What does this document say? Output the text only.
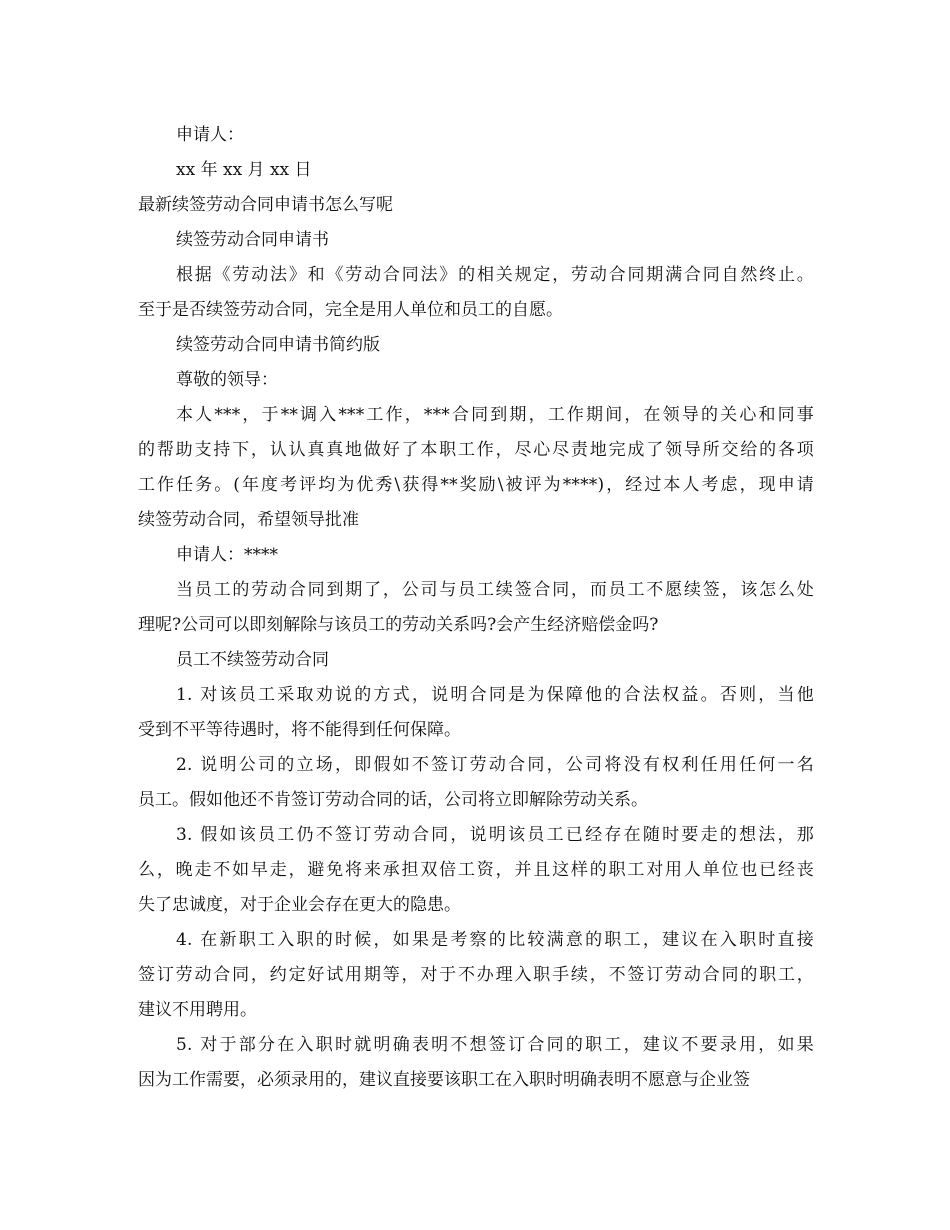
申请人：
xx 年 xx 月 xx 日
最新续签劳动合同申请书怎么写呢
续签劳动合同申请书
根据《劳动法》和《劳动合同法》的相关规定，劳动合同期满合同自然终止。
至于是否续签劳动合同，完全是用人单位和员工的自愿。
续签劳动合同申请书简约版
尊敬的领导：
本人***，于**调入***工作，***合同到期，工作期间，在领导的关心和同事
的帮助支持下，认认真真地做好了本职工作，尽心尽责地完成了领导所交给的各项
工作任务。(年度考评均为优秀\获得**奖励\被评为****)，经过本人考虑，现申请
续签劳动合同，希望领导批准
申请人：****
当员工的劳动合同到期了，公司与员工续签合同，而员工不愿续签，该怎么处
理呢?公司可以即刻解除与该员工的劳动关系吗?会产生经济赔偿金吗?
员工不续签劳动合同
1. 对该员工采取劝说的方式，说明合同是为保障他的合法权益。否则，当他
受到不平等待遇时，将不能得到任何保障。
2. 说明公司的立场，即假如不签订劳动合同，公司将没有权利任用任何一名
员工。假如他还不肯签订劳动合同的话，公司将立即解除劳动关系。
3. 假如该员工仍不签订劳动合同，说明该员工已经存在随时要走的想法，那
么，晚走不如早走，避免将来承担双倍工资，并且这样的职工对用人单位也已经丧
失了忠诚度，对于企业会存在更大的隐患。
4. 在新职工入职的时候，如果是考察的比较满意的职工，建议在入职时直接
签订劳动合同，约定好试用期等，对于不办理入职手续，不签订劳动合同的职工，
建议不用聘用。
5. 对于部分在入职时就明确表明不想签订合同的职工，建议不要录用，如果
因为工作需要，必须录用的，建议直接要该职工在入职时明确表明不愿意与企业签
